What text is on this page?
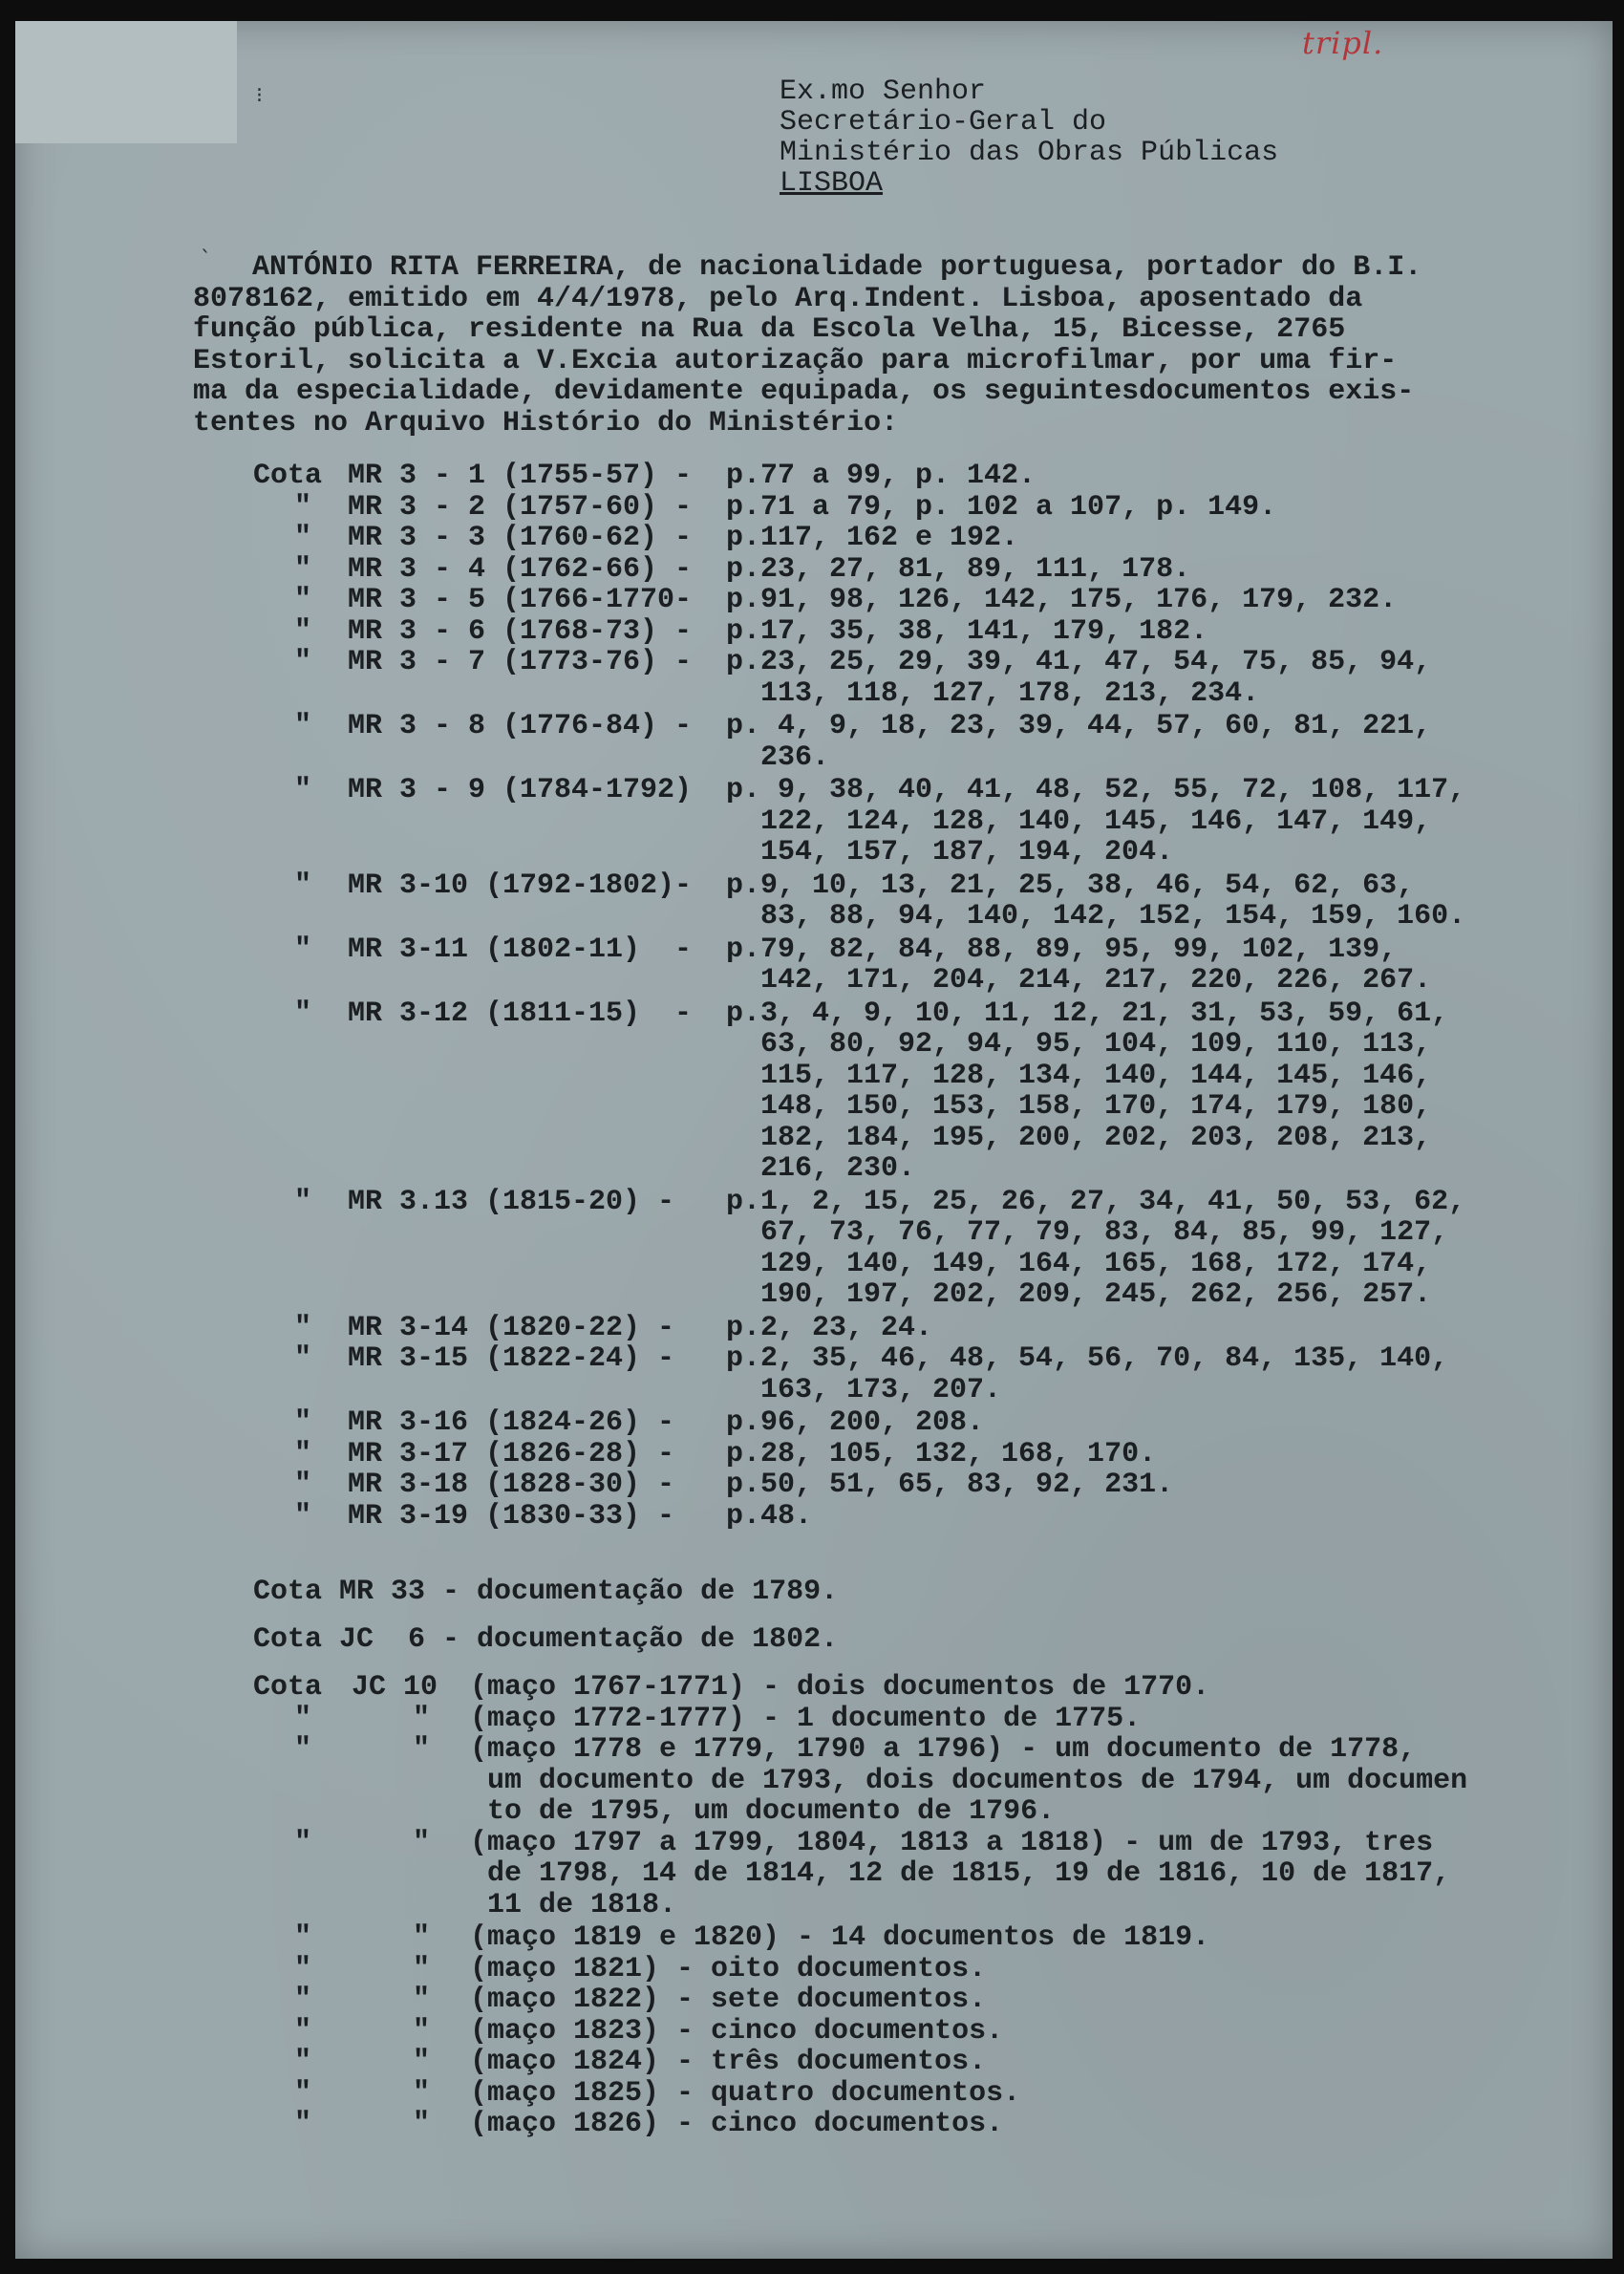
tripl.
⁝
ˎ
Ex.mo Senhor
Secretário-Geral do
Ministério das Obras Públicas
LISBOA
ANTÓNIO RITA FERREIRA, de nacionalidade portuguesa, portador do B.I.
8078162, emitido em 4/4/1978, pelo Arq.Indent. Lisboa, aposentado da
função pública, residente na Rua da Escola Velha, 15, Bicesse, 2765
Estoril, solicita a V.Excia autorização para microfilmar, por uma fir-
ma da especialidade, devidamente equipada, os seguintesdocumentos exis-
tentes no Arquivo Histório do Ministério:
Cota MR 3 - 1 (1755-57) - p.77 a 99, p. 142.
" MR 3 - 2 (1757-60) - p.71 a 79, p. 102 a 107, p. 149.
" MR 3 - 3 (1760-62) - p.117, 162 e 192.
" MR 3 - 4 (1762-66) - p.23, 27, 81, 89, 111, 178.
" MR 3 - 5 (1766-1770- p.91, 98, 126, 142, 175, 176, 179, 232.
" MR 3 - 6 (1768-73) - p.17, 35, 38, 141, 179, 182.
" MR 3 - 7 (1773-76) - p.23, 25, 29, 39, 41, 47, 54, 75, 85, 94,
113, 118, 127, 178, 213, 234.
" MR 3 - 8 (1776-84) - p. 4, 9, 18, 23, 39, 44, 57, 60, 81, 221,
236.
" MR 3 - 9 (1784-1792) p. 9, 38, 40, 41, 48, 52, 55, 72, 108, 117,
122, 124, 128, 140, 145, 146, 147, 149,
154, 157, 187, 194, 204.
" MR 3-10 (1792-1802)- p.9, 10, 13, 21, 25, 38, 46, 54, 62, 63,
83, 88, 94, 140, 142, 152, 154, 159, 160.
" MR 3-11 (1802-11)  - p.79, 82, 84, 88, 89, 95, 99, 102, 139,
142, 171, 204, 214, 217, 220, 226, 267.
" MR 3-12 (1811-15)  - p.3, 4, 9, 10, 11, 12, 21, 31, 53, 59, 61,
63, 80, 92, 94, 95, 104, 109, 110, 113,
115, 117, 128, 134, 140, 144, 145, 146,
148, 150, 153, 158, 170, 174, 179, 180,
182, 184, 195, 200, 202, 203, 208, 213,
216, 230.
" MR 3.13 (1815-20) - p.1, 2, 15, 25, 26, 27, 34, 41, 50, 53, 62,
67, 73, 76, 77, 79, 83, 84, 85, 99, 127,
129, 140, 149, 164, 165, 168, 172, 174,
190, 197, 202, 209, 245, 262, 256, 257.
" MR 3-14 (1820-22) - p.2, 23, 24.
" MR 3-15 (1822-24) - p.2, 35, 46, 48, 54, 56, 70, 84, 135, 140,
163, 173, 207.
" MR 3-16 (1824-26) - p.96, 200, 208.
" MR 3-17 (1826-28) - p.28, 105, 132, 168, 170.
" MR 3-18 (1828-30) - p.50, 51, 65, 83, 92, 231.
" MR 3-19 (1830-33) - p.48.
Cota MR 33 - documentação de 1789.
Cota JC  6 - documentação de 1802.
Cota JC 10 (maço 1767-1771) - dois documentos de 1770.
"	" (maço 1772-1777) - 1 documento de 1775.
"	" (maço 1778 e 1779, 1790 a 1796) - um documento de 1778,
um documento de 1793, dois documentos de 1794, um documen
to de 1795, um documento de 1796.
"	" (maço 1797 a 1799, 1804, 1813 a 1818) - um de 1793, tres
de 1798, 14 de 1814, 12 de 1815, 19 de 1816, 10 de 1817,
11 de 1818.
"	" (maço 1819 e 1820) - 14 documentos de 1819.
"	" (maço 1821) - oito documentos.
"	" (maço 1822) - sete documentos.
"	" (maço 1823) - cinco documentos.
"	" (maço 1824) - três documentos.
"	" (maço 1825) - quatro documentos.
"	" (maço 1826) - cinco documentos.
